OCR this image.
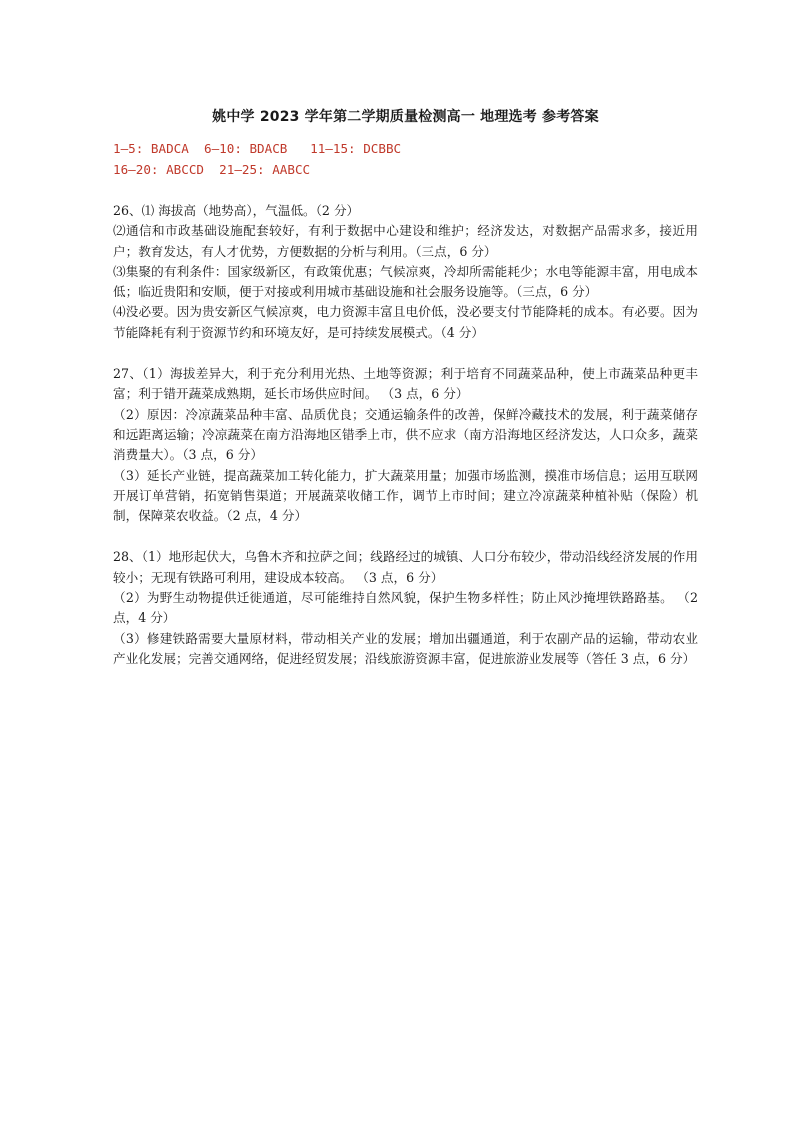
姚中学 2023 学年第二学期质量检测高一 地理选考 参考答案
1—5: BADCA  6—10: BDACB   11—15: DCBBC
16—20: ABCCD  21—25: AABCC

26、⑴ 海拔高（地势高），气温低。（2 分）

⑵通信和市政基础设施配套较好，有利于数据中心建设和维护；经济发达，对数据产品需求多，接近用户；教育发达，有人才优势，方便数据的分析与利用。（三点，6 分）

⑶集聚的有利条件：国家级新区，有政策优惠；气候凉爽，冷却所需能耗少；水电等能源丰富，用电成本低；临近贵阳和安顺，便于对接或利用城市基础设施和社会服务设施等。（三点，6 分）

⑷没必要。因为贵安新区气候凉爽，电力资源丰富且电价低，没必要支付节能降耗的成本。有必要。因为节能降耗有利于资源节约和环境友好，是可持续发展模式。（4 分）

27、（1）海拔差异大，利于充分利用光热、土地等资源；利于培育不同蔬菜品种，使上市蔬菜品种更丰富；利于错开蔬菜成熟期，延长市场供应时间。 （3 点，6 分）

（2）原因：冷凉蔬菜品种丰富、品质优良；交通运输条件的改善，保鲜冷藏技术的发展，利于蔬菜储存和远距离运输；冷凉蔬菜在南方沿海地区错季上市，供不应求（南方沿海地区经济发达，人口众多，蔬菜消费量大）。（3 点，6 分）

（3）延长产业链，提高蔬菜加工转化能力，扩大蔬菜用量；加强市场监测，摸准市场信息；运用互联网开展订单营销，拓宽销售渠道；开展蔬菜收储工作，调节上市时间；建立冷凉蔬菜种植补贴（保险）机制，保障菜农收益。（2 点，4 分）

28、（1）地形起伏大，乌鲁木齐和拉萨之间；线路经过的城镇、人口分布较少，带动沿线经济发展的作用较小；无现有铁路可利用，建设成本较高。 （3 点，6 分）

（2）为野生动物提供迁徙通道，尽可能维持自然风貌，保护生物多样性；防止风沙掩埋铁路路基。 （2 点，4 分）

（3）修建铁路需要大量原材料，带动相关产业的发展；增加出疆通道，利于农副产品的运输，带动农业产业化发展；完善交通网络，促进经贸发展；沿线旅游资源丰富，促进旅游业发展等（答任 3 点，6 分）
